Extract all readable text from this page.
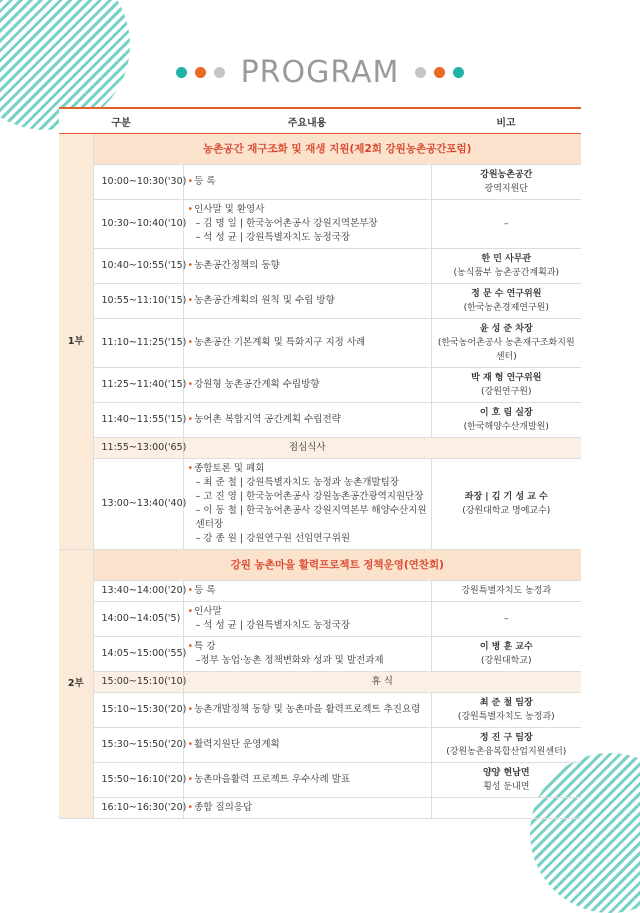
PROGRAM
구분		주요내용	비고
1부	농촌공간 재구조화 및 재생 지원(제2회 강원농촌공간포럼)		
	10:00~10:30('30)	•등 록	강원농촌공간
광역지원단

	10:30~10:40('10)	•인사말 및 환영사
– 김 명 일 | 한국농어촌공사 강원지역본부장
– 석 성 균 | 강원특별자치도 농정국장	–

	10:40~10:55('15)	•농촌공간정책의 동향	한 민 사무관
(농식품부 농촌공간계획과)

	10:55~11:10('15)	•농촌공간계획의 원칙 및 수립 방향	정 문 수 연구위원
(한국농촌경제연구원)

	11:10~11:25('15)	•농촌공간 기본계획 및 특화지구 지정 사례	윤 성 준 차장
(한국농어촌공사 농촌재구조화지원센터)

	11:25~11:40('15)	•강원형 농촌공간계획 수립방향	박 재 형 연구위원
(강원연구원)

	11:40~11:55('15)	•농어촌 복합지역 공간계획 수립전략	이 호 림 실장
(한국해양수산개발원)

	11:55~13:00('65)	점심식사	
	13:00~13:40('40)	•종합토론 및 폐회
– 최 준 철 | 강원특별자치도 농정과 농촌개발팀장
– 고 진 영 | 한국농어촌공사 강원농촌공간광역지원단장
– 이 동 철 | 한국농어촌공사 강원지역본부 해양수산지원센터장
– 강 종 원 | 강원연구원 선임연구위원	좌장 | 김 기 성 교 수
(강원대학교 명예교수)

2부	강원 농촌마을 활력프로젝트 정책운영(연찬회)		
	13:40~14:00('20)	•등 록	강원특별자치도 농정과

	14:00~14:05('5)	•인사말
– 석 성 균 | 강원특별자치도 농정국장	–

	14:05~15:00('55)	•특 강
–정부 농업·농촌 정책변화와 성과 및 발전과제	이 병 훈 교수
(강원대학교)

	15:00~15:10('10)	휴 식	
	15:10~15:30('20)	•농촌개발정책 동향 및 농촌마을 활력프로젝트 추진요령	최 준 철 팀장
(강원특별자치도 농정과)

	15:30~15:50('20)	•활력지원단 운영계획	정 진 구 팀장
(강원농촌융복합산업지원센터)

	15:50~16:10('20)	•농촌마을활력 프로젝트 우수사례 발표	양양 현남면
횡성 둔내면

	16:10~16:30('20)	•종합 질의응답	
